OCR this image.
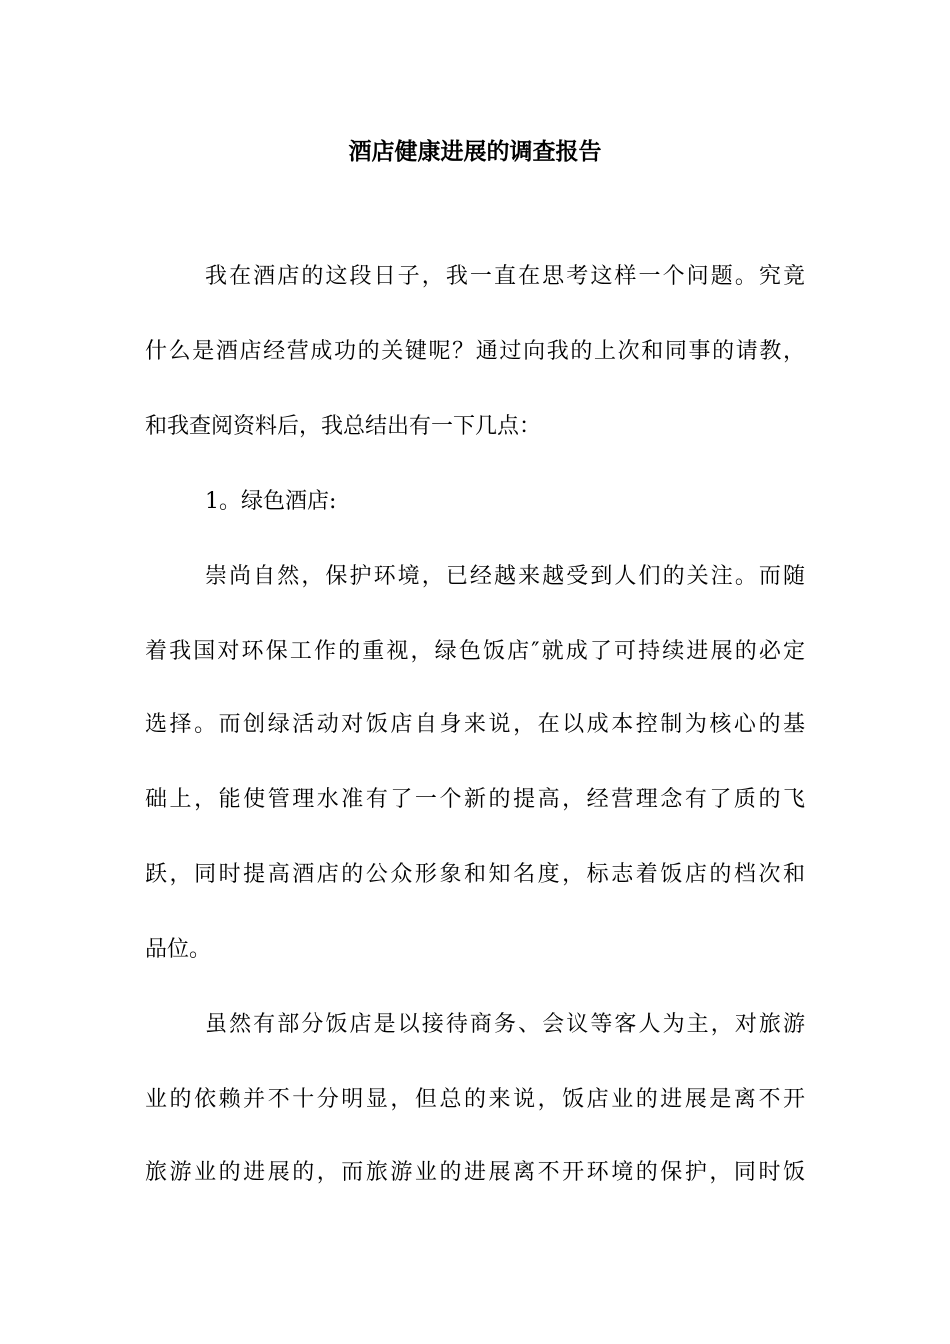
酒店健康进展的调查报告
我在酒店的这段日子，我一直在思考这样一个问题。究竟
什么是酒店经营成功的关键呢？通过向我的上次和同事的请教，
和我查阅资料后，我总结出有一下几点：
1。绿色酒店:
崇尚自然，保护环境，已经越来越受到人们的关注。而随
着我国对环保工作的重视，绿色饭店″就成了可持续进展的必定
选择。而创绿活动对饭店自身来说，在以成本控制为核心的基
础上，能使管理水准有了一个新的提高，经营理念有了质的飞
跃，同时提高酒店的公众形象和知名度，标志着饭店的档次和
品位。
虽然有部分饭店是以接待商务、会议等客人为主，对旅游
业的依赖并不十分明显，但总的来说，饭店业的进展是离不开
旅游业的进展的，而旅游业的进展离不开环境的保护，同时饭
